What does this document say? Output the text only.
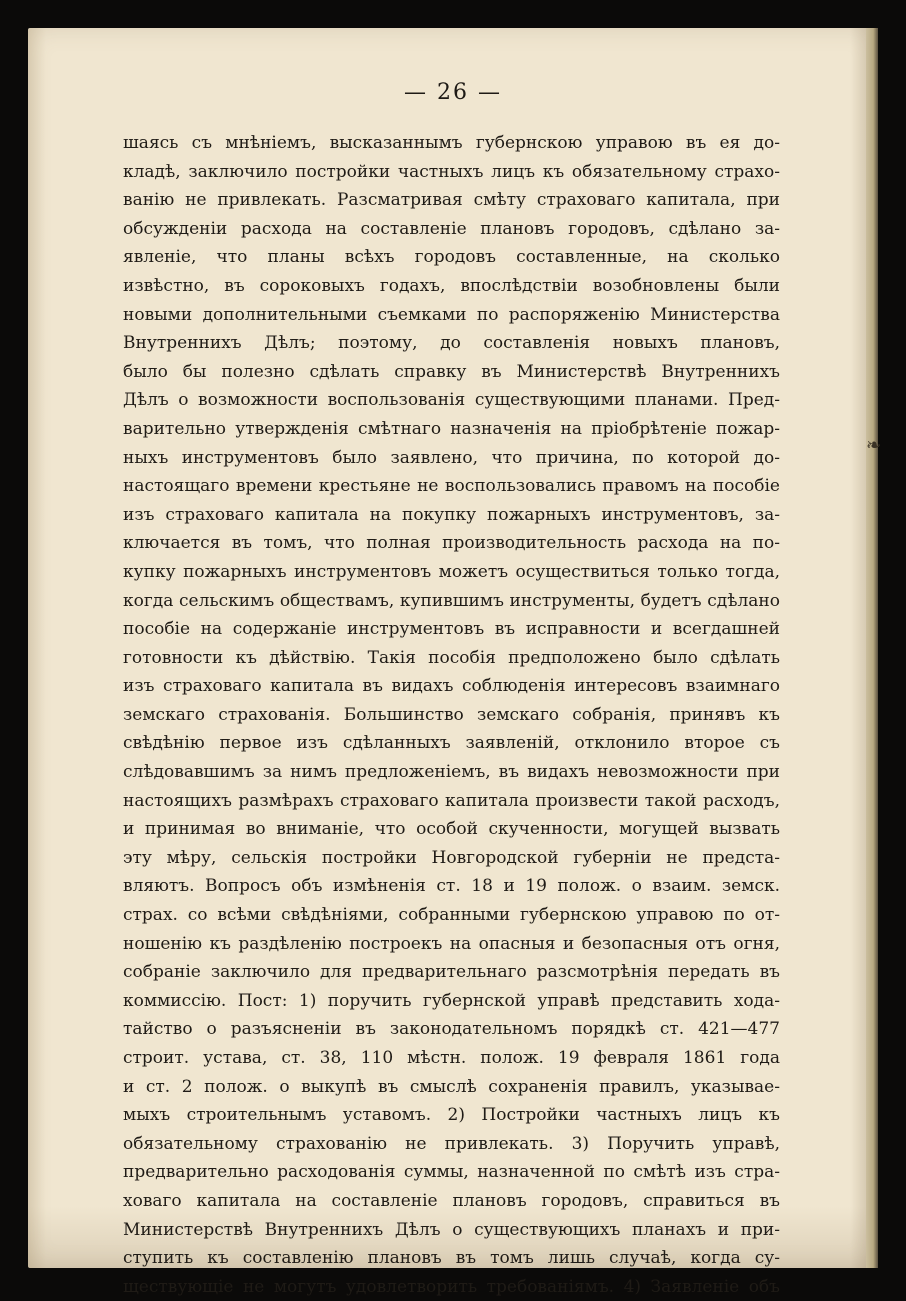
❧
— 26 —
шаясь съ мнѣніемъ, высказаннымъ губернскою управою въ ея до-
кладѣ, заключило постройки частныхъ лицъ къ обязательному страхо-
ванію не привлекать. Разсматривая смѣту страховаго капитала, при
обсужденіи расхода на составленіе плановъ городовъ, сдѣлано за-
явленіе, что планы всѣхъ городовъ составленные, на сколько
извѣстно, въ сороковыхъ годахъ, впослѣдствіи возобновлены были
новыми дополнительными съемками по распоряженію Министерства
Внутреннихъ Дѣлъ; поэтому, до составленія новыхъ плановъ,
было бы полезно сдѣлать справку въ Министерствѣ Внутреннихъ
Дѣлъ о возможности воспользованія существующими планами. Пред-
варительно утвержденія смѣтнаго назначенія на пріобрѣтеніе пожар-
ныхъ инструментовъ было заявлено, что причина, по которой до-
настоящаго времени крестьяне не воспользовались правомъ на пособіе
изъ страховаго капитала на покупку пожарныхъ инструментовъ, за-
ключается въ томъ, что полная производительность расхода на по-
купку пожарныхъ инструментовъ можетъ осуществиться только тогда,
когда сельскимъ обществамъ, купившимъ инструменты, будетъ сдѣлано
пособіе на содержаніе инструментовъ въ исправности и всегдашней
готовности къ дѣйствію. Такія пособія предположено было сдѣлать
изъ страховаго капитала въ видахъ соблюденія интересовъ взаимнаго
земскаго страхованія. Большинство земскаго собранія, принявъ къ
свѣдѣнію первое изъ сдѣланныхъ заявленій, отклонило второе съ
слѣдовавшимъ за нимъ предложеніемъ, въ видахъ невозможности при
настоящихъ размѣрахъ страховаго капитала произвести такой расходъ,
и принимая во вниманіе, что особой скученности, могущей вызвать
эту мѣру, сельскія постройки Новгородской губерніи не предста-
вляютъ. Вопросъ объ измѣненія ст. 18 и 19 полож. о взаим. земск.
страх. со всѣми свѣдѣніями, собранными губернскою управою по от-
ношенію къ раздѣленію построекъ на опасныя и безопасныя отъ огня,
собраніе заключило для предварительнаго разсмотрѣнія передать въ
коммиссію. Пост: 1) поручить губернской управѣ представить хода-
тайство о разъясненіи въ законодательномъ порядкѣ ст. 421—477
строит. устава, ст. 38, 110 мѣстн. полож. 19 февраля 1861 года
и ст. 2 полож. о выкупѣ въ смыслѣ сохраненія правилъ, указывае-
мыхъ строительнымъ уставомъ. 2) Постройки частныхъ лицъ къ
обязательному страхованію не привлекать. 3) Поручить управѣ,
предварительно расходованія суммы, назначенной по смѣтѣ изъ стра-
ховаго капитала на составленіе плановъ городовъ, справиться въ
Министерствѣ Внутреннихъ Дѣлъ о существующихъ планахъ и при-
ступить къ составленію плановъ въ томъ лишь случаѣ, когда су-
ществующіе не могутъ удовлетворить требованіямъ. 4) Заявленіе объ
